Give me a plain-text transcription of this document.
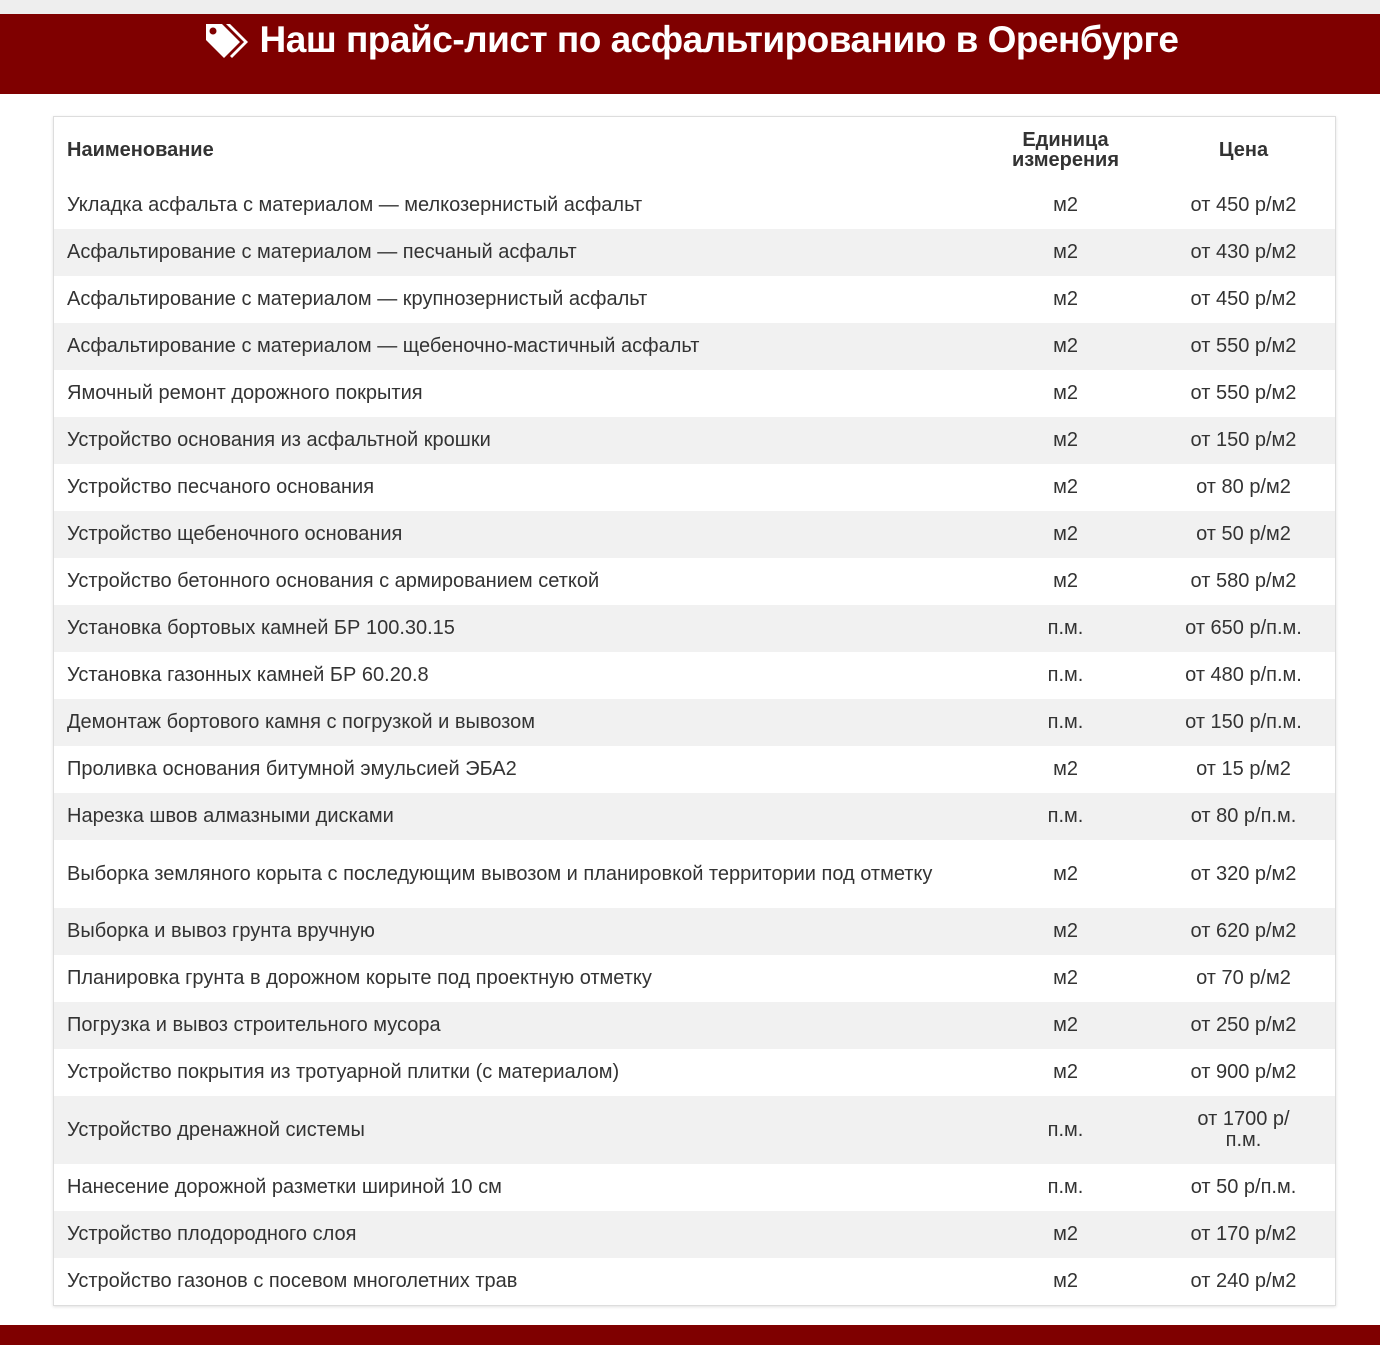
Наш прайс-лист по асфальтированию в Оренбурге
Наименование	Единица измерения	Цена
Укладка асфальта с материалом — мелкозернистый асфальт	м2	от 450 р/м2
Асфальтирование с материалом — песчаный асфальт	м2	от 430 р/м2
Асфальтирование с материалом — крупнозернистый асфальт	м2	от 450 р/м2
Асфальтирование с материалом — щебеночно-мастичный асфальт	м2	от 550 р/м2
Ямочный ремонт дорожного покрытия	м2	от 550 р/м2
Устройство основания из асфальтной крошки	м2	от 150 р/м2
Устройство песчаного основания	м2	от 80 р/м2
Устройство щебеночного основания	м2	от 50 р/м2
Устройство бетонного основания с армированием сеткой	м2	от 580 р/м2
Установка бортовых камней БР 100.30.15	п.м.	от 650 р/п.м.
Установка газонных камней БР 60.20.8	п.м.	от 480 р/п.м.
Демонтаж бортового камня с погрузкой и вывозом	п.м.	от 150 р/п.м.
Проливка основания битумной эмульсией ЭБА2	м2	от 15 р/м2
Нарезка швов алмазными дисками	п.м.	от 80 р/п.м.
Выборка земляного корыта с последующим вывозом и планировкой территории под отметку	м2	от 320 р/м2
Выборка и вывоз грунта вручную	м2	от 620 р/м2
Планировка грунта в дорожном корыте под проектную отметку	м2	от 70 р/м2
Погрузка и вывоз строительного мусора	м2	от 250 р/м2
Устройство покрытия из тротуарной плитки (с материалом)	м2	от 900 р/м2
Устройство дренажной системы	п.м.	от 1700 р/п.м.
Нанесение дорожной разметки шириной 10 см	п.м.	от 50 р/п.м.
Устройство плодородного слоя	м2	от 170 р/м2
Устройство газонов с посевом многолетних трав	м2	от 240 р/м2
